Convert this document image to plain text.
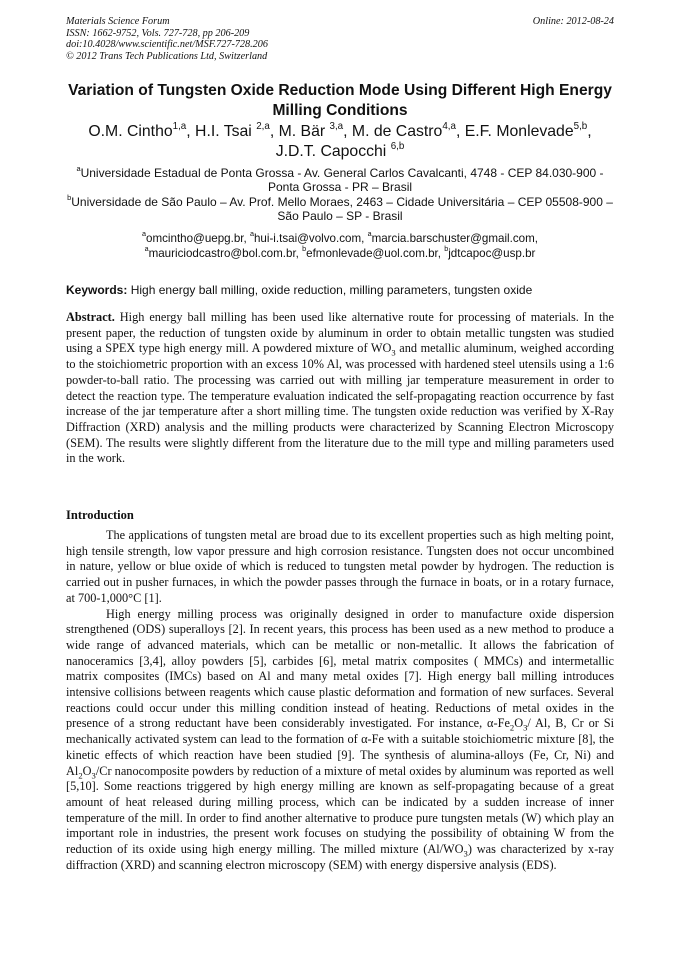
Materials Science Forum
ISSN: 1662-9752, Vols. 727-728, pp 206-209
doi:10.4028/www.scientific.net/MSF.727-728.206
© 2012 Trans Tech Publications Ltd, Switzerland
Online: 2012-08-24
Variation of Tungsten Oxide Reduction Mode Using Different High Energy Milling Conditions
O.M. Cintho$^{1,a}$, H.I. Tsai $^{2,a}$, M. Bär $^{3,a}$, M. de Castro$^{4,a}$, E.F. Monlevade$^{5,b}$,
J.D.T. Capocchi $^{6,b}$
$^a$Universidade Estadual de Ponta Grossa - Av. General Carlos Cavalcanti, 4748 - CEP 84.030-900 - Ponta Grossa - PR – Brasil
$^b$Universidade de São Paulo – Av. Prof. Mello Moraes, 2463 – Cidade Universitária – CEP 05508-900 – São Paulo – SP - Brasil
$^a$omcintho@uepg.br, $^a$hui-i.tsai@volvo.com, $^a$marcia.barschuster@gmail.com,
$^a$mauriciodcastro@bol.com.br, $^b$efmonlevade@uol.com.br, $^b$jdtcapoc@usp.br
Keywords: High energy ball milling, oxide reduction, milling parameters, tungsten oxide
Abstract. High energy ball milling has been used like alternative route for processing of materials. In the present paper, the reduction of tungsten oxide by aluminum in order to obtain metallic tungsten was studied using a SPEX type high energy mill. A powdered mixture of $WO_3$ and metallic aluminum, weighed according to the stoichiometric proportion with an excess 10% Al, was processed with hardened steel utensils using a 1:6 powder-to-ball ratio. The processing was carried out with milling jar temperature measurement in order to detect the reaction type. The temperature evaluation indicated the self-propagating reaction occurrence by fast increase of the jar temperature after a short milling time. The tungsten oxide reduction was verified by X-Ray Diffraction (XRD) analysis and the milling products were characterized by Scanning Electron Microscopy (SEM). The results were slightly different from the literature due to the mill type and milling parameters used in the work.
Introduction

The applications of tungsten metal are broad due to its excellent properties such as high melting point, high tensile strength, low vapor pressure and high corrosion resistance. Tungsten does not occur uncombined in nature, yellow or blue oxide of which is reduced to tungsten metal powder by hydrogen. The reduction is carried out in pusher furnaces, in which the powder passes through the furnace in boats, or in a rotary furnace, at 700-1,000°C [1].

High energy milling process was originally designed in order to manufacture oxide dispersion strengthened (ODS) superalloys [2]. In recent years, this process has been used as a new method to produce a wide range of advanced materials, which can be metallic or non-metallic. It allows the fabrication of nanoceramics [3,4], alloy powders [5], carbides [6], metal matrix composites ( MMCs) and intermetallic matrix composites (IMCs) based on Al and many metal oxides [7]. High energy ball milling introduces intensive collisions between reagents which cause plastic deformation and formation of new surfaces. Several reactions could occur under this milling condition instead of heating. Reductions of metal oxides in the presence of a strong reductant have been considerably investigated. For instance, $\alpha-Fe_2O_3/$ Al, B, Cr or Si mechanically activated system can lead to the formation of α-Fe with a suitable stoichiometric mixture [8], the kinetic effects of which reaction have been studied [9]. The synthesis of alumina-alloys (Fe, Cr, Ni) and $Al_2O_3/Cr$ nanocomposite powders by reduction of a mixture of metal oxides by aluminum was reported as well [5,10]. Some reactions triggered by high energy milling are known as self-propagating because of a great amount of heat released during milling process, which can be indicated by a sudden increase of inner temperature of the mill. In order to find another alternative to produce pure tungsten metals (W) which play an important role in industries, the present work focuses on studying the possibility of obtaining W from the reduction of its oxide using high energy milling. The milled mixture $(Al/WO_3)$ was characterized by x-ray diffraction (XRD) and scanning electron microscopy (SEM) with energy dispersive analysis (EDS).
